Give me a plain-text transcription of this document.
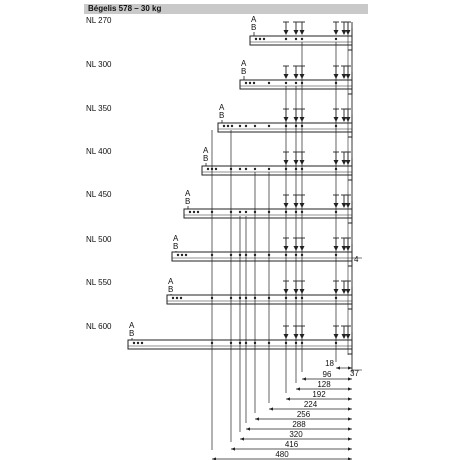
Bégelis 578 – 30 kg
NL 270	A
B
NL 300	A
B
NL 350	A
B
NL 400	A
B
NL 450	A
B
NL 500	A
B
NL 550	A
B
NL 600 A
B
4
18
96
128
192
224
256
288
320
416
480
37
